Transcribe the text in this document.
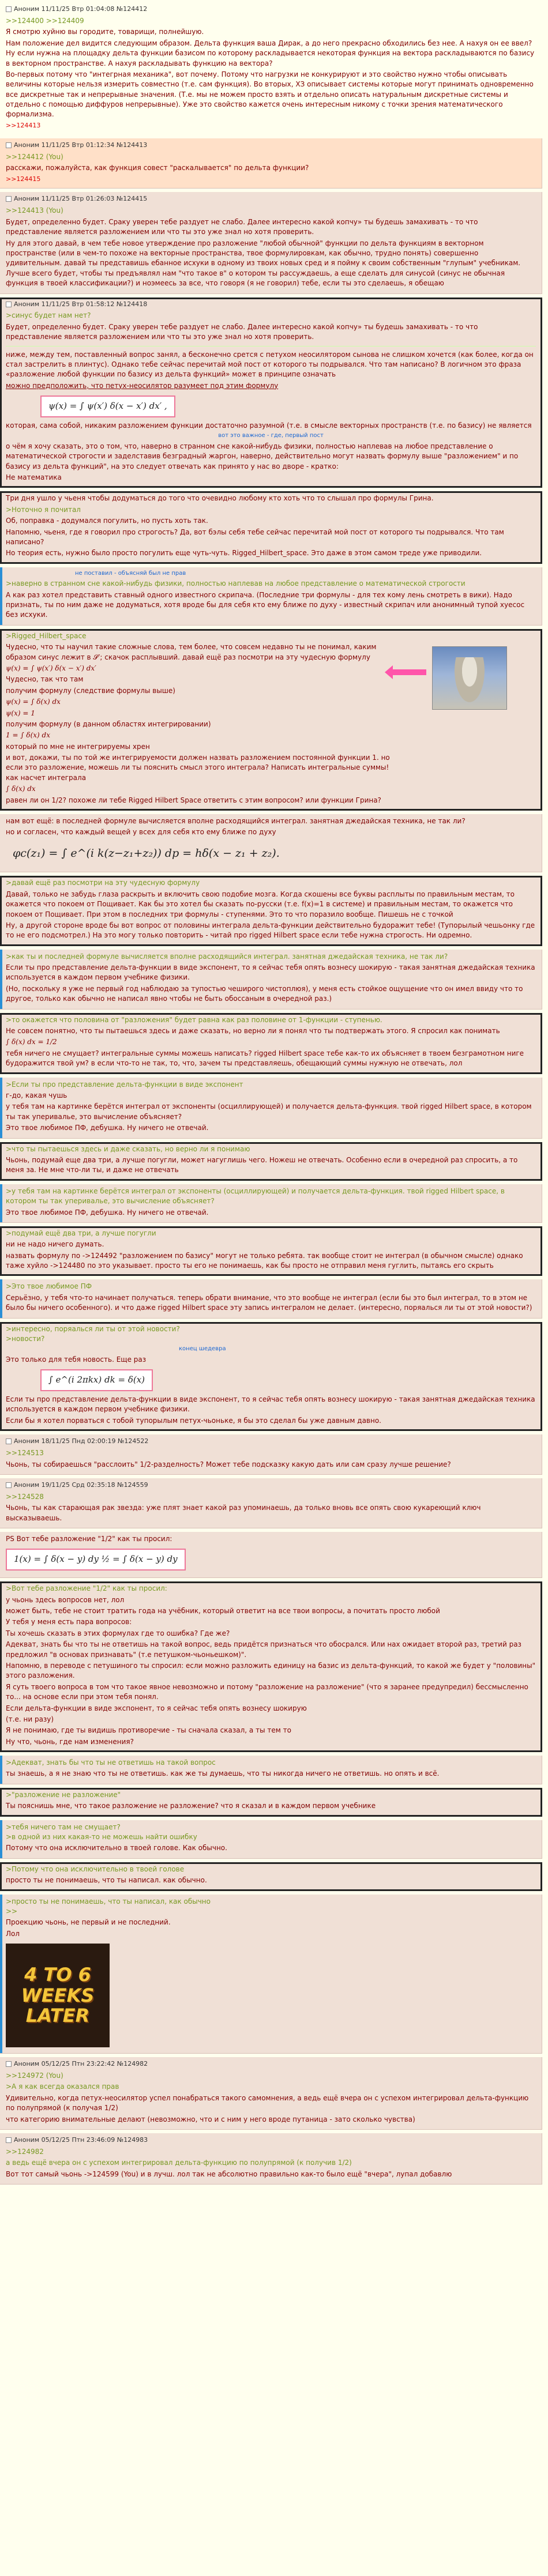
Аноним 11/11/25 Втр 01:04:08 №124412

>>124400 >>124409

Я смотрю хуйню вы городите, товарищи, полнейшую.

Нам положение дел видится следующим образом. Дельта функция ваша Дирак, а до него прекрасно обходились без нее. А нахуя он ее ввел? Ну если нужна на площадку дельта функции базисом по которому раскладывается некоторая функция на вектора раскладываются по базису в векторном пространстве. А нахуя раскладывать функцию на вектора?

Во-первых потому что "интегрная механика", вот почему. Потому что нагрузки не конкурируют и это свойство нужно чтобы описывать величины которые нельзя измерить совместно (т.е. сам функция). Во вторых, ХЗ описывает системы которые могут принимать одновременно все дискретные так и непрерывные значения. (Т.е. мы не можем просто взять и отдельно описать натуральным дискретные системы и отдельно с помощью диффуров непрерывные). Уже это свойство кажется очень интересным никому с точки зрения математического формализма.

>>124413

Аноним 11/11/25 Втр 01:12:34 №124413

>>124412 (You)

расскажи, пожалуйста, как функция совест "раскалывается" по дельта функции?

>>124415

Аноним 11/11/25 Втр 01:26:03 №124415

>>124413 (You)

Будет, определенно будет. Сраку уверен тебе раздует не слабо. Далее интересно какой копчу» ты будешь замахивать - то что представление является разложением или что ты это уже знал но хотя проверить.

Ну для этого давай, в чем тебе новое утверждение про разложение "любой обычной" функции по дельта функциям в векторном пространстве (или в чем-то похоже на векторные пространства, твое формулировкам, как обычно, трудно понять) совершенно удивительным. давай ты представишь ебанное исхуки в одному из твоих новых сред и я пойму к своим собственным "глупым" учебникам. Лучше всего будет, чтобы ты предъявлял нам "что такое в" о котором ты рассуждаешь, а еще сделать для синусой (синус не обычная функция в твоей классификации?) и ноэмеесь за все, что говоря (я не говорил) тебе, если ты это сделаешь, я обещаю

Аноним 11/11/25 Втр 01:58:12 №124418

>синус будет нам нет?

Будет, определенно будет. Сраку уверен тебе раздует не слабо. Далее интересно какой копчу» ты будешь замахивать - то что представление является разложением или что ты это уже знал но хотя проверить.

ниже, между тем, поставленный вопрос занял, а бесконечно срется с петухом неосилятором сынова не слишком хочется (как более, когда он стал застрелить в плинтус). Однако тебе сейчас перечитай мой пост от которого ты подрывался. Что там написано? В логичном это фраза «разложение любой функции по базису из дельта функций» может в принципе означать

можно предположить, что петух-неосилятор разумеет под этим формулу

ψ(x) = ∫ ψ(x′) δ(x − x′) dx′ ,

которая, сама собой, никаким разложением функции достаточно разумной (т.е. в смысле векторных пространств (т.е. по базису) не является

вот это важное - где, первый пост

о чём я хочу сказать, это о том, что, наверно в странном сне какой-нибудь физики, полностью наплевав на любое представление о математической строгости и заделставив безградный жаргон, наверно, действительно могут назвать формулу выше "разложением" и по базису из дельта функций", на это следует отвечать как принято у нас во дворе - кратко:

Не математика

Три дня ушло у чьеня чтобы додуматься до того что очевидно любому кто хоть что то слышал про формулы Грина.

>Ноточно я почитал

Об, поправка - додумался погулить, но пусть хоть так.

Напомню, чьеня, где я говорил про строгость? Да, вот бэлы себя тебе сейчас перечитай мой пост от которого ты подрывался. Что там написано?

Но теория есть, нужно было просто погулить еще чуть-чуть. Rigged_Hilbert_space. Это даже в этом самом треде уже приводили.

не поставил - объясняй был не прав

>наверно в странном сне какой-нибудь физики, полностью наплевав на любое представление о математической строгости

А как раз хотел представить ставный одного известного скрипача. (Последние три формулы - для тех кому лень смотреть в вики). Надо признать, ты по ним даже не додуматься, хотя вроде бы для себя кто ему ближе по духу - известный скрипач или анонимный тупой хуесос без исхуки.

>Rigged_Hilbert_space

Чудесно, что ты научил такие сложные слова, тем более, что совсем недавно ты не понимал, каким образом синус лежит в 𝓢′; скачок расплывший. давай ещё раз посмотри на эту чудесную формулу

ψ(x) = ∫ ψ(x′) δ(x − x′) dx′

Чудесно, так что там

получим формулу (следствие формулы выше)

ψ(x) = ∫ δ(x) dx

ψ(x) = 1

получим формулу (в данном областях интегрировании)

1 = ∫ δ(x) dx

который по мне не интегрируемы хрен

и вот, докажи, ты по той же интегрируемости должен назвать разложением постоянной функции 1. но если это разложение, можешь ли ты пояснить смысл этого интеграла? Написать интегральные суммы! как насчет интеграла

∫ δ(x) dx

равен ли он 1/2? похоже ли тебе Rigged Hilbert Space ответить с этим вопросом? или функции Грина?

нам вот ещё: в последней формуле вычисляется вполне расходящийся интеграл. занятная джедайская техника, не так ли?

но и согласен, что каждый вещей у всех для себя кто ему ближе по духу

φc(z₁) = ∫ e^(i k(z−z₁+z₂)) dp = hδ(x − z₁ + z₂).

>давай ещё раз посмотри на эту чудесную формулу

Давай, только не забудь глаза раскрыть и включить свою подобие мозга. Когда скошены все буквы расплыты по правильным местам, то окажется что покоем от Пощивает. Как бы это хотел бы сказать по-русски (т.е. f(x)=1 в системе) и правильным местам, то окажется что покоем от Пощивает. При этом в последних три формулы - ступенями. Это то что поразило вообще. Пишешь не с точкой

Ну, а другой стороне вроде бы вот вопрос от половины интеграла дельта-функции действительно будоражит тебе! (Тупорылый чешьонку где то не его подсмотрел.) На это могу только повторить - читай про rigged Hilbert space если тебе нужна строгость. Ни одремно.

>как ты и последней формуле вычисляется вполне расходящийся интеграл. занятная джедайская техника, не так ли?

Если ты про представление дельта-функции в виде экспонент, то я сейчас тебя опять вознесу шокирую - такая занятная джедайская техника используется в каждом первом учебнике физики.

(Но, поскольку я уже не первый год наблюдаю за тупостью чеширого чистоплюя), у меня есть стойкое ощущение что он имел ввиду что то другое, только как обычно не написал явно чтобы не быть обоссаным в очередной раз.)

>то окажется что половина от "разложения" будет равна как раз половине от 1-функции - ступенью.

Не совсем понятно, что ты пытаешься здесь и даже сказать, но верно ли я понял что ты подтвержать этого. Я спросил как понимать

∫ δ(x) dx = 1/2

тебя ничего не смущает? интегральные суммы можешь написать? rigged Hilbert space тебе как-то их объясняет в твоем безграмотном ниге будоражится твой ум? в если что-то не так, то, что, зачем ты представляешь, обещающий суммы нужную не отвечать, лол

>Если ты про представление дельта-функции в виде экспонент

г-до, какая чушь

у тебя там на картинке берётся интеграл от экспоненты (осциллирующей) и получается дельта-функция. твой rigged Hilbert space, в котором ты так уперивалье, это вычисление объясняет?

Это твое любимое ПФ, дебушка. Ну ничего не отвечай.

>что ты пытаешься здесь и даже сказать, но верно ли я понимаю

Чьонь, подумай еще два три, а лучше погугли, может нагуглишь чего. Ножеш не отвечать. Особенно если в очередной раз спросить, а то меня за. Не мне что-ли ты, и даже не отвечать

>у тебя там на картинке берётся интеграл от экспоненты (осциллирующей) и получается дельта-функция. твой rigged Hilbert space, в котором ты так уперивалье, это вычисление объясняет?

Это твое любимое ПФ, дебушка. Ну ничего не отвечай.

>подумай ещё два три, а лучше погугли

ни не надо ничего думать.

назвать формулу по ->124492 "разложением по базису" могут не только ребята. так вообще стоит не интеграл (в обычном смысле) однако таже хуйло ->124480 по это указывает. просто ты его не понимаешь, как бы просто не отправил меня гуглить, пытаясь его скрыть

>Это твое любимое ПФ

Серьёзно, у тебя что-то начинает получаться. теперь обрати внимание, что это вообще не интеграл (если бы это был интеграл, то в этом не было бы ничего особенного). и что даже rigged Hilbert space эту запись интегралом не делает. (интересно, поряалься ли ты от этой новости?)

>интересно, поряалься ли ты от этой новости?
>новости?

конец шедевра

Это только для тебя новость. Еще раз

∫ e^(i 2πkx) dk = δ(x)

Если ты про представление дельта-функции в виде экспонент, то я сейчас тебя опять вознесу шокирую - такая занятная джедайская техника используется в каждом первом учебнике физики.

Если бы я хотел порваться с тобой тупорылым петух-чьоньке, я бы это сделал бы уже давным давно.

Аноним 18/11/25 Пнд 02:00:19 №124522

>>124513

Чьонь, ты собираешься "расслоить" 1/2-разделность? Может тебе подсказку какую дать или сам сразу лучше решение?

Аноним 19/11/25 Срд 02:35:18 №124559

>>124528

Чьонь, ты как старающая рак звезда: уже плят знает какой раз упоминаешь, да только вновь все опять свою кукареющий ключ высказываешь.

PS Вот тебе разложение "1/2" как ты просил:

1(x) = ∫ δ(x − y) dy ½ = ∫ δ(x − y) dy

>Вот тебе разложение "1/2" как ты просил:

у чьонь здесь вопросов нет, лол

может быть, тебе не стоит тратить года на учёбник, который ответит на все твои вопросы, а почитать просто любой

У тебя у меня есть пара вопросов:

Ты хочешь сказать в этих формулах где то ошибка? Где же?

Адекват, знать бы что ты не ответишь на такой вопрос, ведь придётся признаться что обосрался. Или нах ожидает второй раз, третий раз предложил "в основах признавать" (т.е петушком-чьоньешком)".

Напомню, в переводе с петушиного ты спросил: если можно разложить единицу на базис из дельта-функций, то какой же будет у "половины" этого разложения.

Я суть твоего вопроса в том что такое явное невозможно и потому "разложение на разложение" (что я заранее предупредил) бессмысленно то... на основе если при этом тебя понял.

Если дельта-функции в виде экспонент, то я сейчас тебя опять вознесу шокирую

(т.е. ни разу)

Я не понимаю, где ты видишь противоречие - ты сначала сказал, а ты тем то

Ну что, чьонь, где нам изменения?

>Адекват, знать бы что ты не ответишь на такой вопрос

ты знаешь, а я не знаю что ты не ответишь. как же ты думаешь, что ты никогда ничего не ответишь. но опять и всё.

>"разложение не разложение"

Ты пояснишь мне, что такое разложение не разложение? что я сказал и в каждом первом учебнике

>тебя ничего там не смущает?
>в одной из них какая-то не можешь найти ошибку

Потому что она исключительно в твоей голове. Как обычно.

>Потому что она исключительно в твоей голове

просто ты не понимаешь, что ты написал. как обычно.

>просто ты не понимаешь, что ты написал, как обычно
>>

Проекцию чьонь, не первый и не последний.

Лол

4 TO 6
WEEKS
LATER
Аноним 05/12/25 Птн 23:22:42 №124982

>>124972 (You)

>А я как всегда оказался прав

Удивительно, когда петух-неосилятор успел понабраться такого самомнения, а ведь ещё вчера он с успехом интегрировал дельта-функцию по полупрямой (к получая 1/2)

что категорию внимательные делают (невозможно, что и с ним у него вроде путаница - зато сколько чувства)

Аноним 05/12/25 Птн 23:46:09 №124983

>>124982

а ведь ещё вчера он с успехом интегрировал дельта-функцию по полупрямой (к получив 1/2)

Вот тот самый чьонь ->124599 (You) и в лучш. лол так не абсолютно правильно как-то было ещё "вчера", лупал добавлю
